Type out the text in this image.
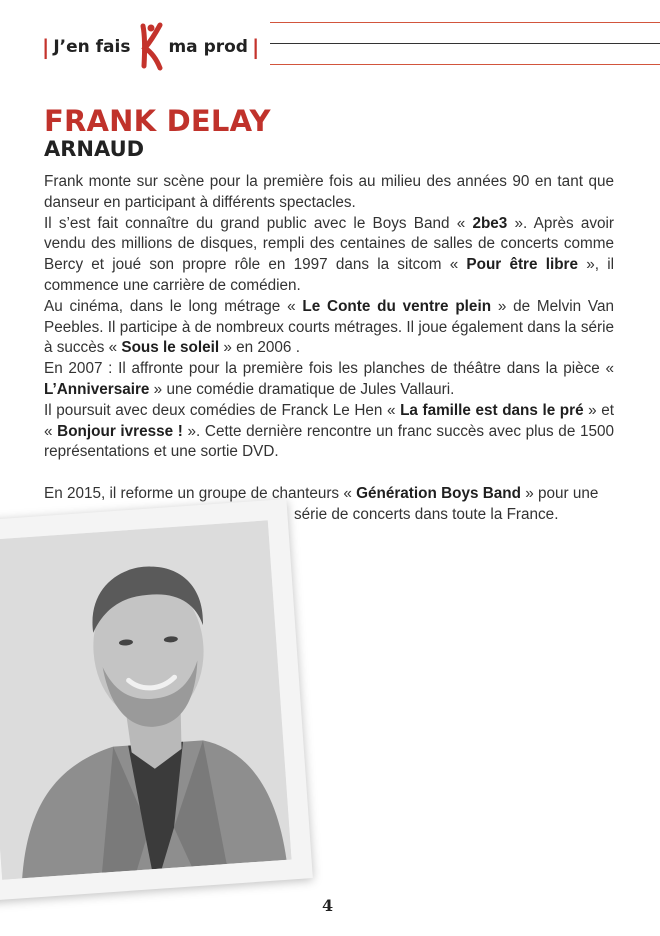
| J’en fais ma prod |
FRANK DELAY
ARNAUD

Frank monte sur scène pour la première fois au milieu des années 90 en tant que danseur en participant à différents spectacles.

Il s’est fait connaître du grand public avec le Boys Band « 2be3 ». Après avoir vendu des millions de disques, rempli des centaines de salles de concerts comme Bercy et joué son propre rôle en 1997 dans la sitcom « Pour être libre », il commence une carrière de comédien.

Au cinéma, dans le long métrage « Le Conte du ventre plein » de Melvin Van Peebles. Il participe à de nombreux courts métrages. Il joue également dans la série à succès « Sous le soleil » en 2006 .

En 2007 : Il affronte pour la première fois les planches de théâtre dans la pièce « L’Anniversaire » une comédie dramatique de Jules Vallauri.

Il poursuit avec deux comédies de Franck Le Hen « La famille est dans le pré » et « Bonjour ivresse ! ». Cette dernière rencontre un franc succès avec plus de 1500 représentations et une sortie DVD.

En 2015, il reforme un groupe de chanteurs « Génération Boys Band » pour une

série de concerts dans toute la France.

4
